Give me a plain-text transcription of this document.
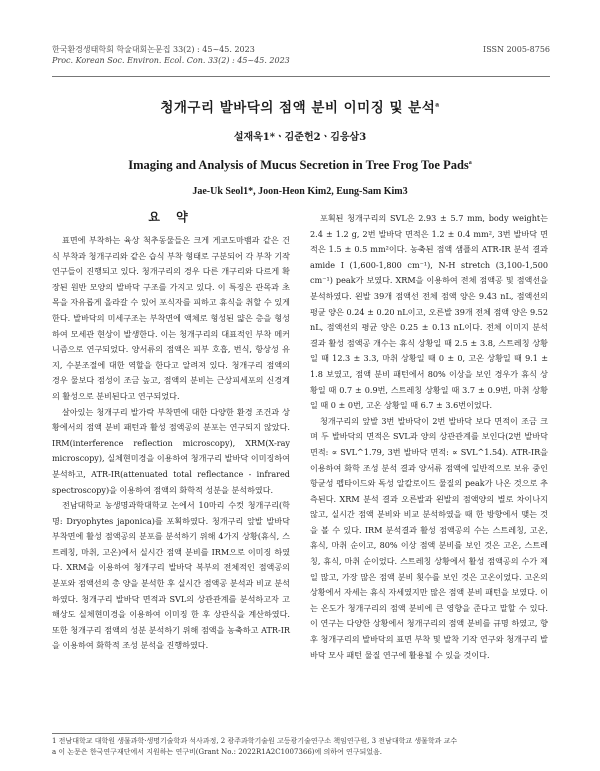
한국환경생태학회 학술대회논문집 33(2) : 45~45. 2023
Proc. Korean Soc. Environ. Ecol. Con. 33(2) : 45~45. 2023
ISSN 2005-8756
청개구리 발바닥의 점액 분비 이미징 및 분석$^a$
설재욱1*ㆍ김준헌2ㆍ김응삼3
Imaging and Analysis of Mucus Secretion in Tree Frog Toe Pads$^a$
Jae-Uk Seol1*, Joon-Heon Kim2, Eung-Sam Kim3
요 약

표면에 부착하는 육상 척추동물들은 크게 게코도마뱀과 같은 건식 부착과 청개구리와 같은 습식 부착 형태로 구분되어 각 부착 기작 연구들이 진행되고 있다. 청개구리의 경우 다른 개구리와 다르게 확장된 원반 모양의 발바닥 구조를 가지고 있다. 이 특징은 관목과 초목을 자유롭게 올라갈 수 있어 포식자를 피하고 휴식을 취할 수 있게 한다. 발바닥의 미세구조는 부착면에 액체로 형성된 얇은 층을 형성하여 모세관 현상이 발생한다. 이는 청개구리의 대표적인 부착 메커니즘으로 연구되었다. 양서류의 점액은 피부 호흡, 번식, 항상성 유지, 수분조절에 대한 역할을 한다고 알려져 있다. 청개구리 점액의 경우 물보다 점성이 조금 높고, 점액의 분비는 근상피세포의 신경계의 활성으로 분비된다고 연구되었다.

살아있는 청개구리 발가락 부착면에 대한 다양한 환경 조건과 상황에서의 점액 분비 패턴과 활성 점액공의 분포는 연구되지 않았다. IRM(interference reflection microscopy), XRM(X-ray microscopy), 실체현미경을 이용하여 청개구리 발바닥 이미징하여 분석하고, ATR-IR(attenuated total reflectance - infrared spectroscopy)을 이용하여 점액의 화학적 성분을 분석하였다.

전남대학교 농생명과학대학교 논에서 10마리 수컷 청개구리(학명: Dryophytes japonica)를 포획하였다. 청개구리 앞발 발바닥 부착면에 활성 점액공의 분포를 분석하기 위해 4가지 상황(휴식, 스트레칭, 마취, 고온)에서 실시간 점액 분비를 IRM으로 이미징 하였다. XRM을 이용하여 청개구리 발바닥 복부의 전체적인 점액공의 분포와 점액선의 총 양을 분석한 후 실시간 점액공 분석과 비교 분석하였다. 청개구리 발바닥 면적과 SVL의 상관관계를 분석하고자 고해상도 실체현미경을 이용하여 이미징 한 후 상관식을 계산하였다. 또한 청개구리 점액의 성분 분석하기 위해 점액을 농축하고 ATR-IR을 이용하여 화학적 조성 분석을 진행하였다.

포획된 청개구리의 SVL은 2.93 ± 5.7 mm, body weight는 2.4 ± 1.2 g, 2번 발바닥 면적은 1.2 ± 0.4 mm², 3번 발바닥 면적은 1.5 ± 0.5 mm²이다. 농축된 점액 샘플의 ATR-IR 분석 결과 amide I (1,600-1,800 cm⁻¹), N-H stretch (3,100-1,500 cm⁻¹) peak가 보였다. XRM을 이용하여 전체 점액공 및 점액선을 분석하였다. 왼발 39개 점액선 전체 점액 양은 9.43 nL, 점액선의 평균 양은 0.24 ± 0.20 nL이고, 오른발 39개 전체 점액 양은 9.52 nL, 점액선의 평균 양은 0.25 ± 0.13 nL이다. 전체 이미지 분석 결과 활성 점액공 개수는 휴식 상황일 때 2.5 ± 3.8, 스트레칭 상황일 때 12.3 ± 3.3, 마취 상황일 때 0 ± 0, 고온 상황일 때 9.1 ± 1.8 보였고, 점액 분비 패턴에서 80% 이상을 보인 경우가 휴식 상황일 때 0.7 ± 0.9번, 스트레칭 상황일 때 3.7 ± 0.9번, 마취 상황일 때 0 ± 0번, 고온 상황일 때 6.7 ± 3.6번이었다.

청개구리의 앞발 3번 발바닥이 2번 발바닥 보다 면적이 조금 크며 두 발바닥의 면적은 SVL과 양의 상관관계를 보인다(2번 발바닥 면적: ∝ SVL^1.79, 3번 발바닥 면적: ∝ SVL^1.54). ATR-IR을 이용하여 화학 조성 분석 결과 양서류 점액에 일반적으로 보유 중인 항균성 펩타이드와 독성 알칼로이드 물질의 peak가 나온 것으로 추측된다. XRM 분석 결과 오른발과 왼발의 점액양의 별로 차이나지 않고, 실시간 점액 분비와 비교 분석하였을 때 한 방향에서 맺는 것을 볼 수 있다. IRM 분석결과 활성 점액공의 수는 스트레칭, 고온, 휴식, 마취 순이고, 80% 이상 점액 분비를 보인 것은 고온, 스트레칭, 휴식, 마취 순이었다. 스트레칭 상황에서 활성 점액공의 수가 제일 많고, 가장 많은 점액 분비 횟수를 보인 것은 고온이었다. 고온의 상황에서 자세는 휴식 자세였지만 많은 점액 분비 패턴을 보였다. 이는 온도가 청개구리의 점액 분비에 큰 영향을 준다고 말할 수 있다. 이 연구는 다양한 상황에서 청개구리의 점액 분비를 규명 하였고, 향후 청개구리의 발바닥의 표면 부착 및 발착 기작 연구와 청개구리 발바닥 모사 패턴 물질 연구에 활용될 수 있을 것이다.

1 전남대학교 대학원 생물과학·생명기술학과 석사과정, 2 광주과학기술원 고등광기술연구소 책임연구원, 3 전남대학교 생물학과 교수
a 이 논문은 한국연구재단에서 지원하는 연구비(Grant No.: 2022R1A2C1007366)에 의하여 연구되었음.
